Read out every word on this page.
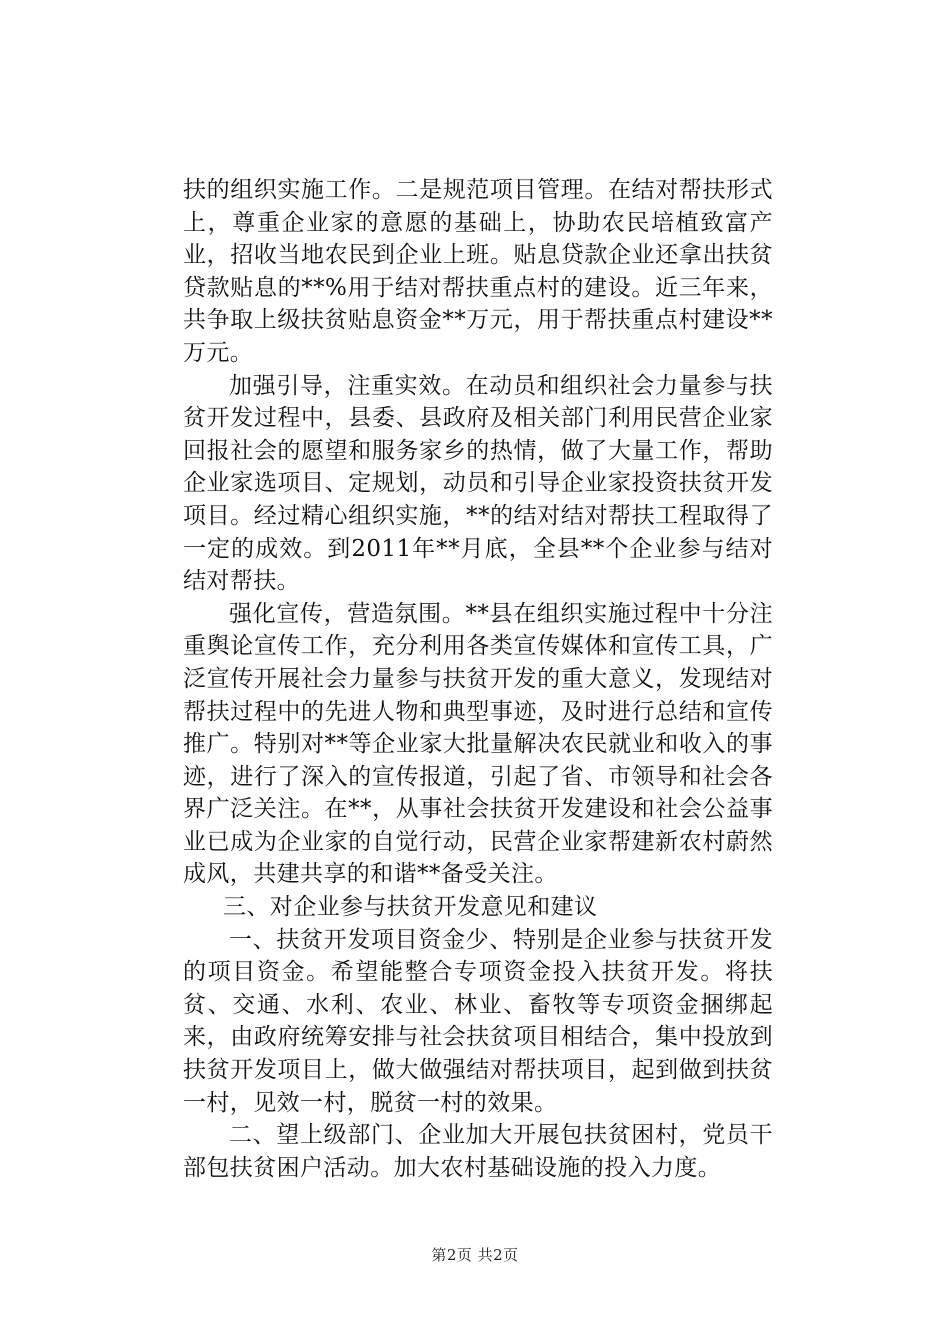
扶的组织实施工作。二是规范项目管理。在结对帮扶形式上，尊重企业家的意愿的基础上，协助农民培植致富产业，招收当地农民到企业上班。贴息贷款企业还拿出扶贫贷款贴息的**%用于结对帮扶重点村的建设。近三年来，共争取上级扶贫贴息资金**万元，用于帮扶重点村建设**万元。

加强引导，注重实效。在动员和组织社会力量参与扶贫开发过程中，县委、县政府及相关部门利用民营企业家回报社会的愿望和服务家乡的热情，做了大量工作，帮助企业家选项目、定规划，动员和引导企业家投资扶贫开发项目。经过精心组织实施，**的结对结对帮扶工程取得了一定的成效。到2011年**月底，全县**个企业参与结对结对帮扶。

强化宣传，营造氛围。**县在组织实施过程中十分注重舆论宣传工作，充分利用各类宣传媒体和宣传工具，广泛宣传开展社会力量参与扶贫开发的重大意义，发现结对帮扶过程中的先进人物和典型事迹，及时进行总结和宣传推广。特别对**等企业家大批量解决农民就业和收入的事迹，进行了深入的宣传报道，引起了省、市领导和社会各界广泛关注。在**，从事社会扶贫开发建设和社会公益事业已成为企业家的自觉行动，民营企业家帮建新农村蔚然成风，共建共享的和谐**备受关注。

三、对企业参与扶贫开发意见和建议

一、扶贫开发项目资金少、特别是企业参与扶贫开发的项目资金。希望能整合专项资金投入扶贫开发。将扶贫、交通、水利、农业、林业、畜牧等专项资金捆绑起来，由政府统筹安排与社会扶贫项目相结合，集中投放到扶贫开发项目上，做大做强结对帮扶项目，起到做到扶贫一村，见效一村，脱贫一村的效果。

二、望上级部门、企业加大开展包扶贫困村，党员干部包扶贫困户活动。加大农村基础设施的投入力度。

第2页 共2页
